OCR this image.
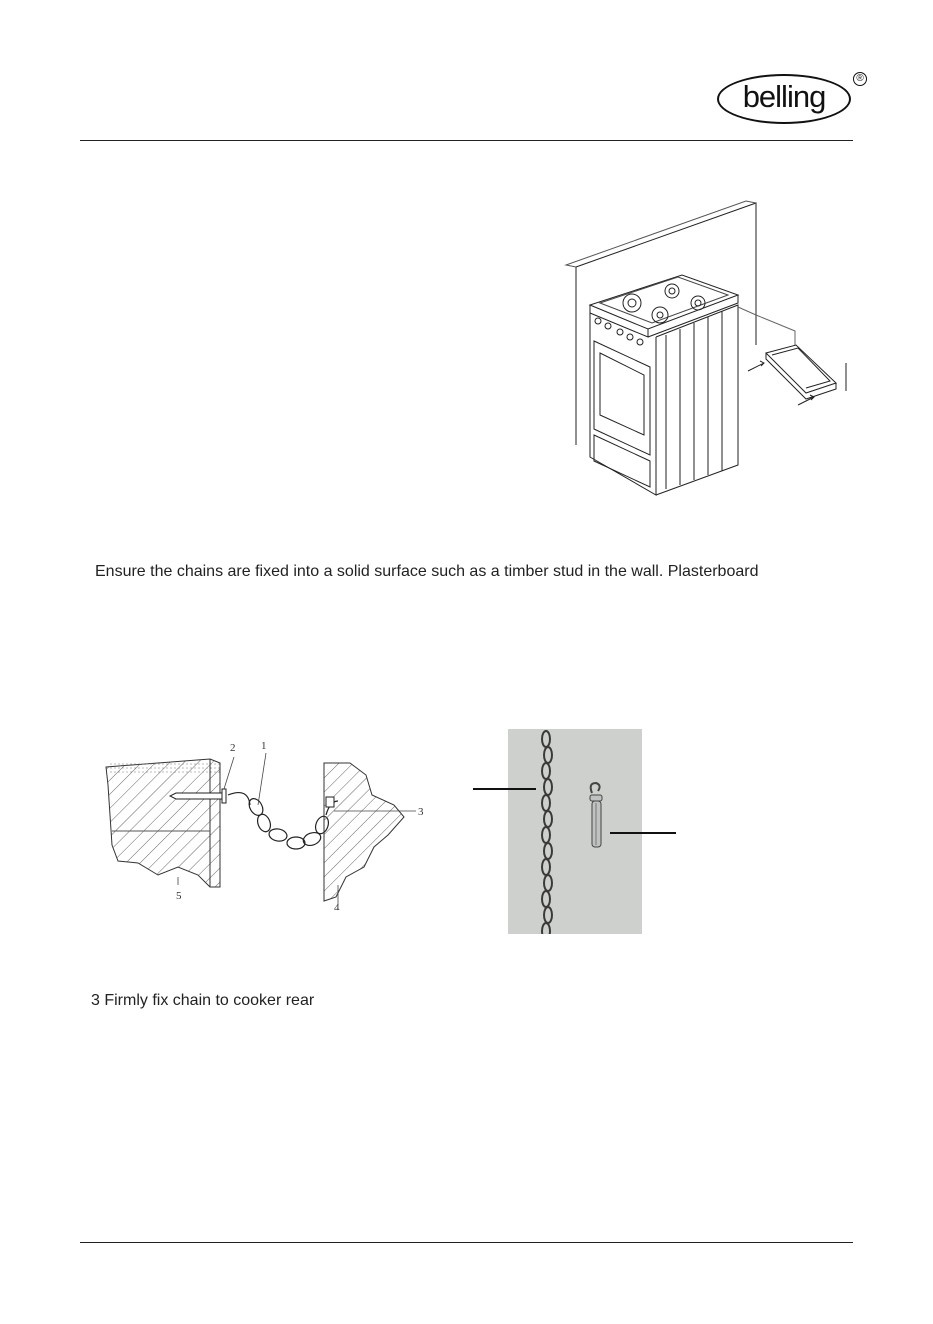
belling
®
Ensure the chains are fixed into a solid surface such as a timber stud in the wall. Plasterboard
2 1
3
4
5
3 Firmly fix chain to cooker rear
